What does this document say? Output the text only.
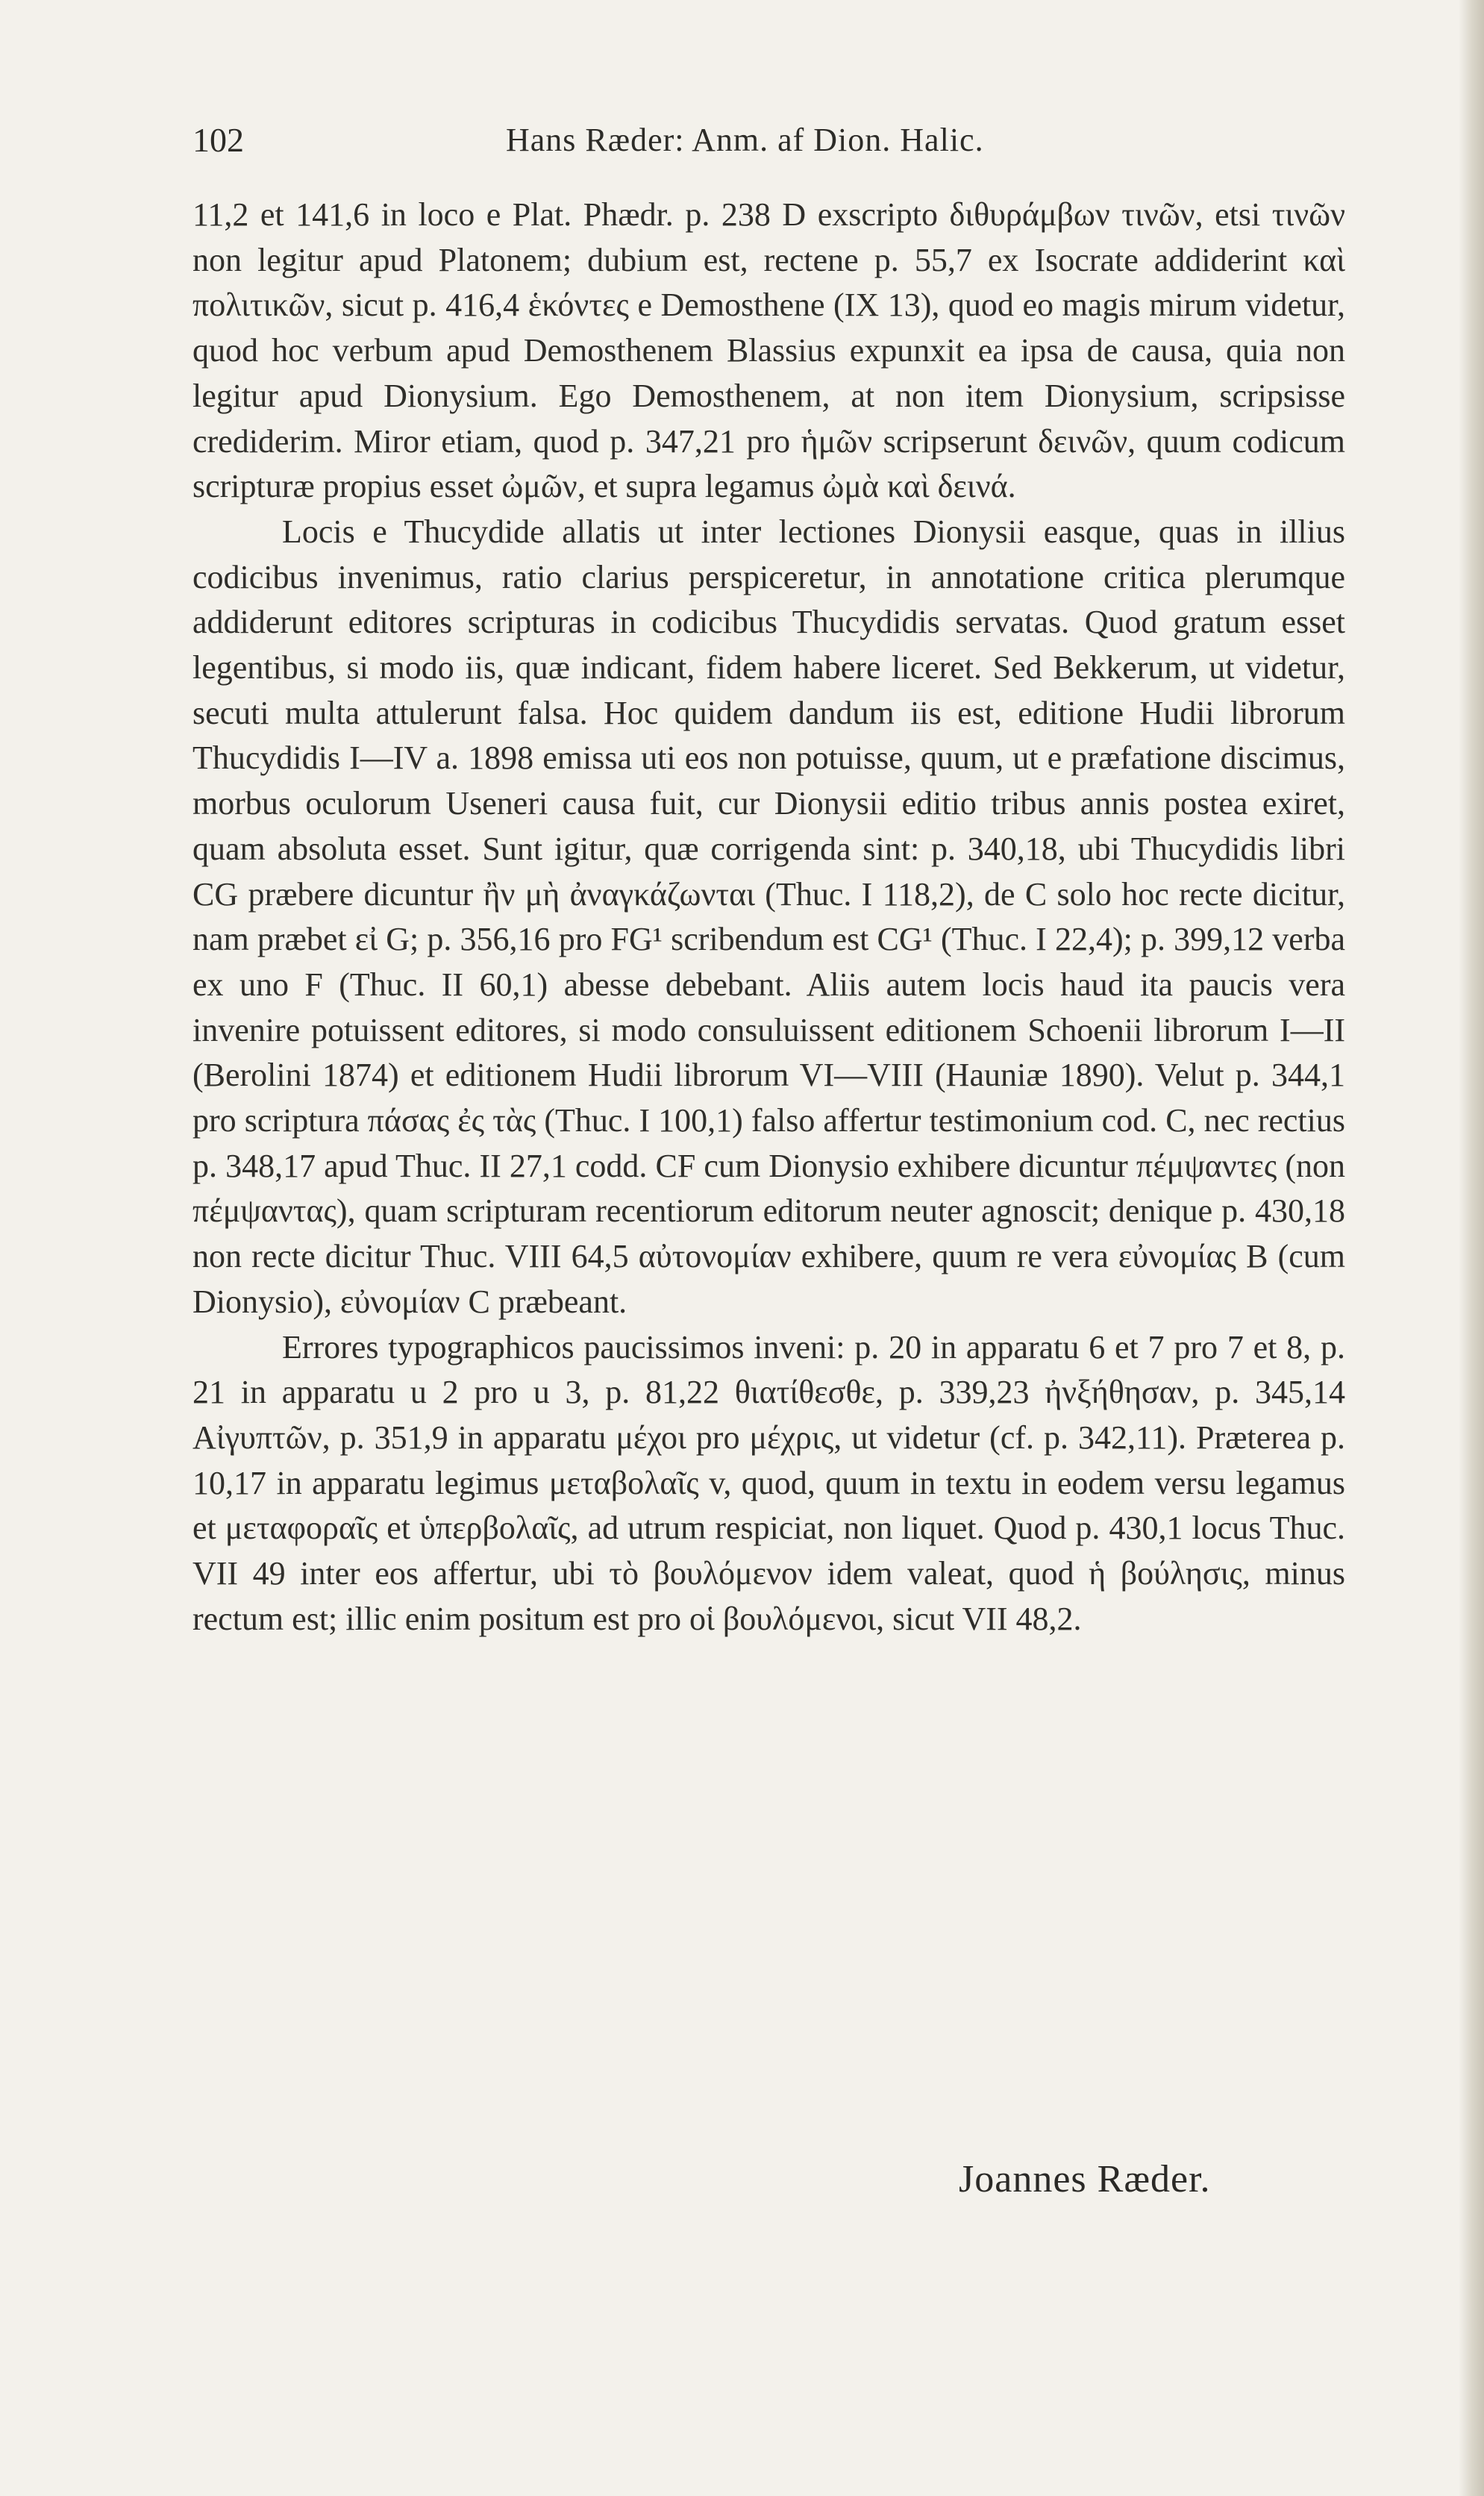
102	Hans Ræder: Anm. af Dion. Halic.

11,2 et 141,6 in loco e Plat. Phædr. p. 238 D exscripto διθυράμβων τινῶν, etsi τινῶν non legitur apud Platonem; dubium est, rectene p. 55,7 ex Isocrate addiderint καὶ πολιτικῶν, sicut p. 416,4 ἑκόντες e Demosthene (IX 13), quod eo magis mirum videtur, quod hoc verbum apud Demosthenem Blassius expunxit ea ipsa de causa, quia non legitur apud Dionysium. Ego Demosthenem, at non item Dionysium, scripsisse crediderim. Miror etiam, quod p. 347,21 pro ἡμῶν scripserunt δεινῶν, quum codicum scripturæ propius esset ὠμῶν, et supra legamus ὠμὰ καὶ δεινά.

Locis e Thucydide allatis ut inter lectiones Dionysii easque, quas in illius codicibus invenimus, ratio clarius perspiceretur, in annotatione critica plerumque addiderunt editores scripturas in codicibus Thucydidis servatas. Quod gratum esset legentibus, si modo iis, quæ indicant, fidem habere liceret. Sed Bekkerum, ut videtur, secuti multa attulerunt falsa. Hoc quidem dandum iis est, editione Hudii librorum Thucydidis I—IV a. 1898 emissa uti eos non potuisse, quum, ut e præfatione discimus, morbus oculorum Useneri causa fuit, cur Dionysii editio tribus annis postea exiret, quam absoluta esset. Sunt igitur, quæ corrigenda sint: p. 340,18, ubi Thucydidis libri CG præbere dicuntur ἢν μὴ ἀναγκάζωνται (Thuc. I 118,2), de C solo hoc recte dicitur, nam præbet εἰ G; p. 356,16 pro FG¹ scribendum est CG¹ (Thuc. I 22,4); p. 399,12 verba ex uno F (Thuc. II 60,1) abesse debebant. Aliis autem locis haud ita paucis vera invenire potuissent editores, si modo consuluissent editionem Schoenii librorum I—II (Berolini 1874) et editionem Hudii librorum VI—VIII (Hauniæ 1890). Velut p. 344,1 pro scriptura πάσας ἐς τὰς (Thuc. I 100,1) falso affertur testimonium cod. C, nec rectius p. 348,17 apud Thuc. II 27,1 codd. CF cum Dionysio exhibere dicuntur πέμψαντες (non πέμψαντας), quam scripturam recentiorum editorum neuter agnoscit; denique p. 430,18 non recte dicitur Thuc. VIII 64,5 αὐτονομίαν exhibere, quum re vera εὐνομίας B (cum Dionysio), εὐνομίαν C præbeant.

Errores typographicos paucissimos inveni: p. 20 in apparatu 6 et 7 pro 7 et 8, p. 21 in apparatu u 2 pro u 3, p. 81,22 θιατίθεσθε, p. 339,23 ἠνξήθησαν, p. 345,14 Αἰγυπτῶν, p. 351,9 in apparatu μέχοι pro μέχρις, ut videtur (cf. p. 342,11). Præterea p. 10,17 in apparatu legimus μεταβολαῖς v, quod, quum in textu in eodem versu legamus et μεταφοραῖς et ὑπερβολαῖς, ad utrum respiciat, non liquet. Quod p. 430,1 locus Thuc. VII 49 inter eos affertur, ubi τὸ βουλόμενον idem valeat, quod ἡ βούλησις, minus rectum est; illic enim positum est pro οἱ βουλόμενοι, sicut VII 48,2.

Joannes Ræder.
